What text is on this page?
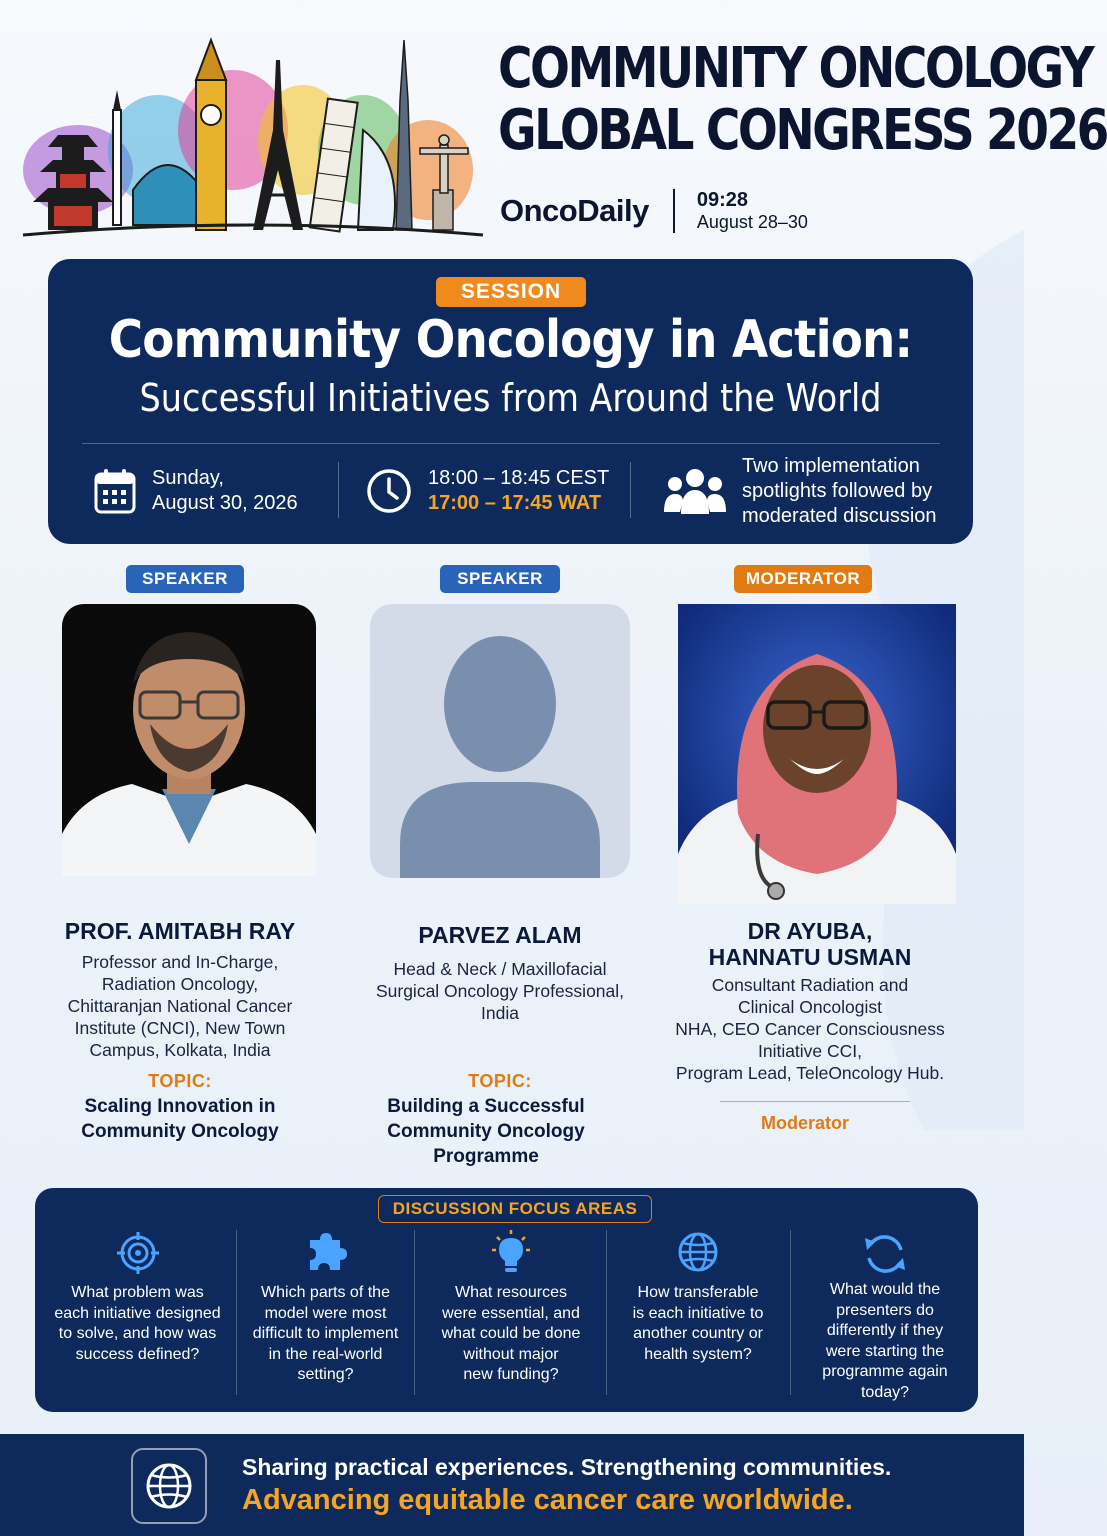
COMMUNITY ONCOLOGY
GLOBAL CONGRESS 2026
OncoDaily 09:28
August 28–30
SESSION
Community Oncology in Action:
Successful Initiatives from Around the World
Sunday,
August 30, 2026
18:00 – 18:45 CEST
17:00 – 17:45 WAT
Two implementation
spotlights followed by
moderated discussion
SPEAKER	SPEAKER	MODERATOR
PROF. AMITABH RAY
Professor and In-Charge,
Radiation Oncology,
Chittaranjan National Cancer
Institute (CNCI), New Town
Campus, Kolkata, India
TOPIC:
Scaling Innovation in
Community Oncology
PARVEZ ALAM
Head & Neck / Maxillofacial
Surgical Oncology Professional,
India
TOPIC:
Building a Successful
Community Oncology
Programme
DR AYUBA,
HANNATU USMAN
Consultant Radiation and
Clinical Oncologist
NHA, CEO Cancer Consciousness
Initiative CCI,
Program Lead, TeleOncology Hub.
Moderator
DISCUSSION FOCUS AREAS
What problem was
each initiative designed
to solve, and how was
success defined?
Which parts of the
model were most
difficult to implement
in the real-world
setting?
What resources
were essential, and
what could be done
without major
new funding?
How transferable
is each initiative to
another country or
health system?
What would the
presenters do
differently if they
were starting the
programme again
today?
Sharing practical experiences. Strengthening communities.
Advancing equitable cancer care worldwide.
